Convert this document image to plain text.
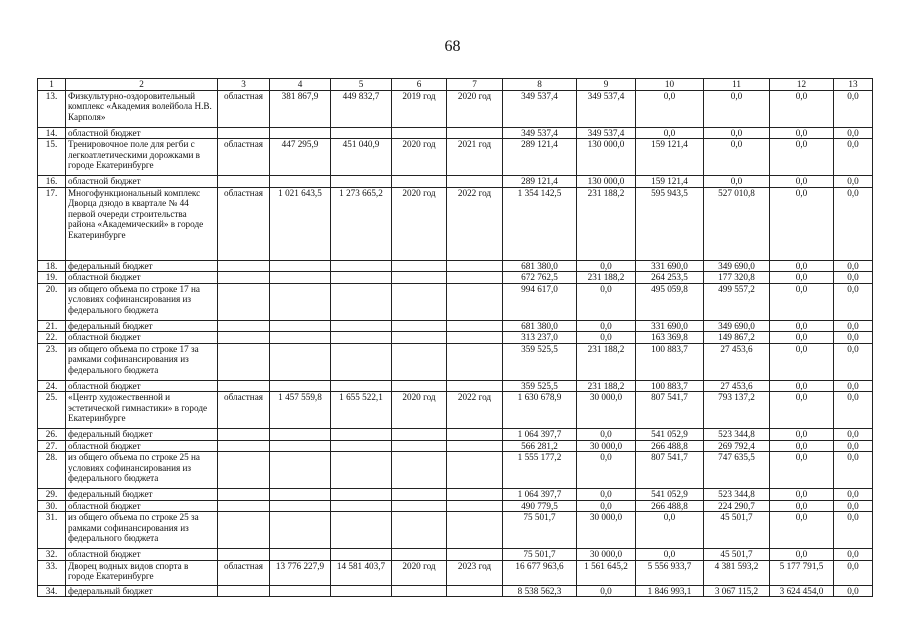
68
1	2	3	4	5	6	7	8	9	10	11	12	13
13.	Физкультурно-оздоровительный комплекс «Академия волейбола Н.В. Карполя»	областная	381 867,9	449 832,7	2019 год	2020 год	349 537,4	349 537,4	0,0	0,0	0,0	0,0
14.	областной бюджет						349 537,4	349 537,4	0,0	0,0	0,0	0,0
15.	Тренировочное поле для регби с легкоатлетическими дорожками в городе Екатеринбурге	областная	447 295,9	451 040,9	2020 год	2021 год	289 121,4	130 000,0	159 121,4	0,0	0,0	0,0
16.	областной бюджет						289 121,4	130 000,0	159 121,4	0,0	0,0	0,0
17.	Многофункциональный комплекс Дворца дзюдо в квартале № 44 первой очереди строительства района «Академический» в городе Екатеринбурге	областная	1 021 643,5	1 273 665,2	2020 год	2022 год	1 354 142,5	231 188,2	595 943,5	527 010,8	0,0	0,0
18.	федеральный бюджет						681 380,0	0,0	331 690,0	349 690,0	0,0	0,0
19.	областной бюджет						672 762,5	231 188,2	264 253,5	177 320,8	0,0	0,0
20.	из общего объема по строке 17 на условиях софинансирования из федерального бюджета						994 617,0	0,0	495 059,8	499 557,2	0,0	0,0
21.	федеральный бюджет						681 380,0	0,0	331 690,0	349 690,0	0,0	0,0
22.	областной бюджет						313 237,0	0,0	163 369,8	149 867,2	0,0	0,0
23.	из общего объема по строке 17 за рамками софинансирования из федерального бюджета						359 525,5	231 188,2	100 883,7	27 453,6	0,0	0,0
24.	областной бюджет						359 525,5	231 188,2	100 883,7	27 453,6	0,0	0,0
25.	«Центр художественной и эстетической гимнастики» в городе Екатеринбурге	областная	1 457 559,8	1 655 522,1	2020 год	2022 год	1 630 678,9	30 000,0	807 541,7	793 137,2	0,0	0,0
26.	федеральный бюджет						1 064 397,7	0,0	541 052,9	523 344,8	0,0	0,0
27.	областной бюджет						566 281,2	30 000,0	266 488,8	269 792,4	0,0	0,0
28.	из общего объема по строке 25 на условиях софинансирования из федерального бюджета						1 555 177,2	0,0	807 541,7	747 635,5	0,0	0,0
29.	федеральный бюджет						1 064 397,7	0,0	541 052,9	523 344,8	0,0	0,0
30.	областной бюджет						490 779,5	0,0	266 488,8	224 290,7	0,0	0,0
31.	из общего объема по строке 25 за рамками софинансирования из федерального бюджета						75 501,7	30 000,0	0,0	45 501,7	0,0	0,0
32.	областной бюджет						75 501,7	30 000,0	0,0	45 501,7	0,0	0,0
33.	Дворец водных видов спорта в городе Екатеринбурге	областная	13 776 227,9	14 581 403,7	2020 год	2023 год	16 677 963,6	1 561 645,2	5 556 933,7	4 381 593,2	5 177 791,5	0,0
34.	федеральный бюджет						8 538 562,3	0,0	1 846 993,1	3 067 115,2	3 624 454,0	0,0
